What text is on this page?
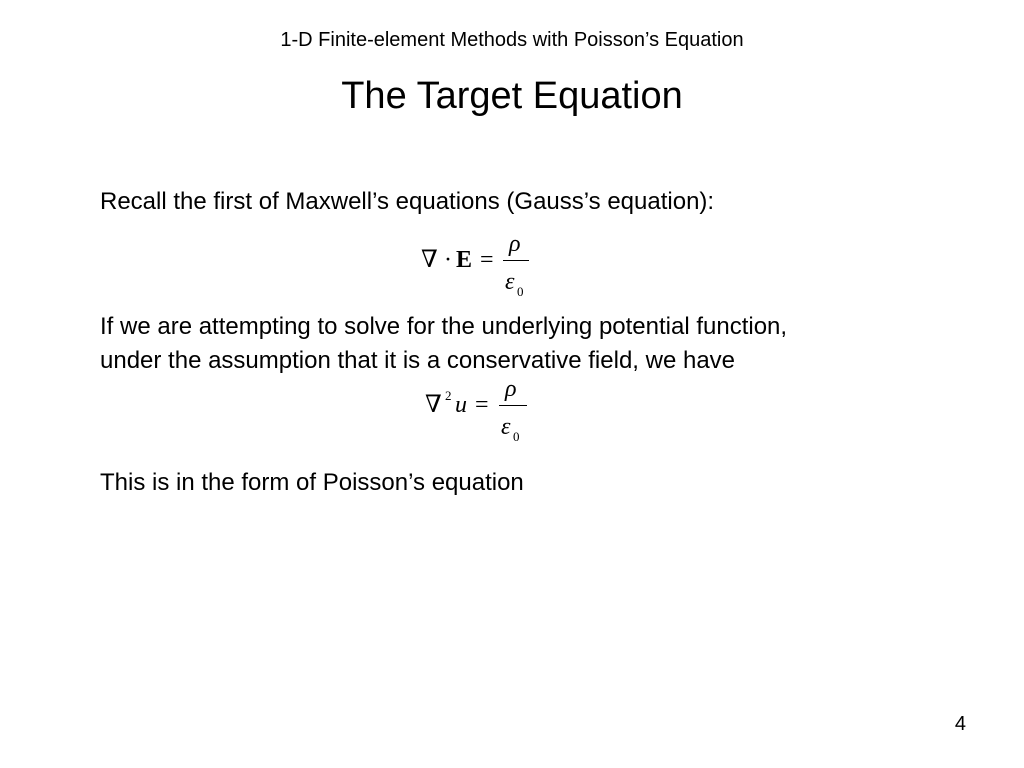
1-D Finite-element Methods with Poisson’s Equation
The Target Equation

Recall the first of Maxwell’s equations (Gauss’s equation):

∇ · E =
ρ
ε 0
If we are attempting to solve for the underlying potential function,
under the assumption that it is a conservative field, we have
∇ 2 u =
ρ
ε 0

This is in the form of Poisson’s equation

4
